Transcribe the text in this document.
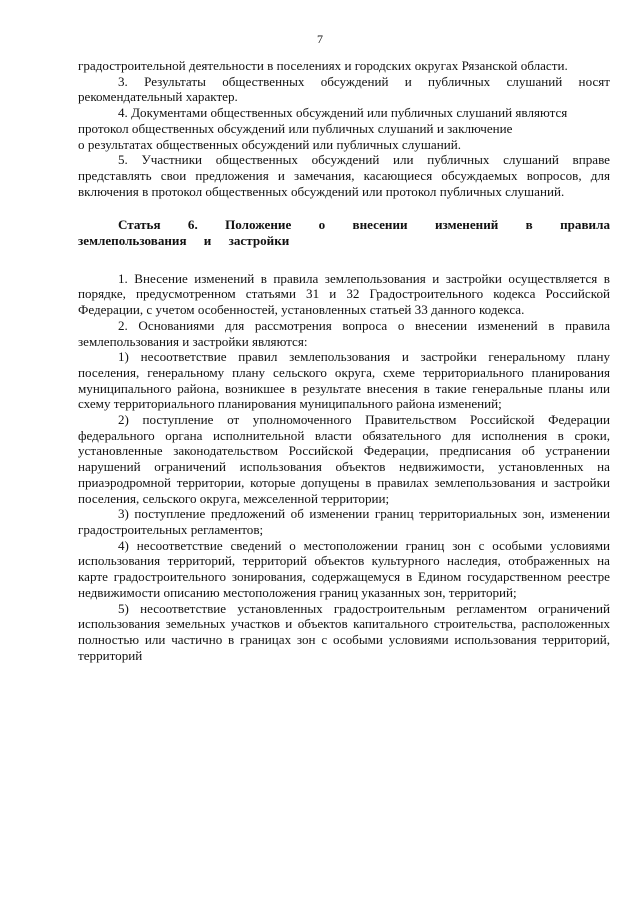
7

градостроительной деятельности в поселениях и городских округах Рязанской области.

3. Результаты общественных обсуждений и публичных слушаний носят рекомендательный характер.

4. Документами общественных обсуждений или публичных слушаний являются протокол общественных обсуждений или публичных слушаний и заключение

о результатах общественных обсуждений или публичных слушаний.

5. Участники общественных обсуждений или публичных слушаний вправе представлять свои предложения и замечания, касающиеся обсуждаемых вопросов, для включения в протокол общественных обсуждений или протокол публичных слушаний.

Статья 6. Положение о внесении изменений в правила землепользования и застройки

1. Внесение изменений в правила землепользования и застройки осуществляется в порядке, предусмотренном статьями 31 и 32 Градостроительного кодекса Российской Федерации, с учетом особенностей, установленных статьей 33 данного кодекса.

2. Основаниями для рассмотрения вопроса о внесении изменений в правила землепользования и застройки являются:

1) несоответствие правил землепользования и застройки генеральному плану поселения, генеральному плану сельского округа, схеме территориального планирования муниципального района, возникшее в результате внесения в такие генеральные планы или схему территориального планирования муниципального района изменений;

2) поступление от уполномоченного Правительством Российской Федерации федерального органа исполнительной власти обязательного для исполнения в сроки, установленные законодательством Российской Федерации, предписания об устранении нарушений ограничений использования объектов недвижимости, установленных на приаэродромной территории, которые допущены в правилах землепользования и застройки поселения, сельского округа, межселенной территории;

3) поступление предложений об изменении границ территориальных зон, изменении градостроительных регламентов;

4) несоответствие сведений о местоположении границ зон с особыми условиями использования территорий, территорий объектов культурного наследия, отображенных на карте градостроительного зонирования, содержащемуся в Едином государственном реестре недвижимости описанию местоположения границ указанных зон, территорий;

5) несоответствие установленных градостроительным регламентом ограничений использования земельных участков и объектов капитального строительства, расположенных полностью или частично в границах зон с особыми условиями использования территорий, территорий
